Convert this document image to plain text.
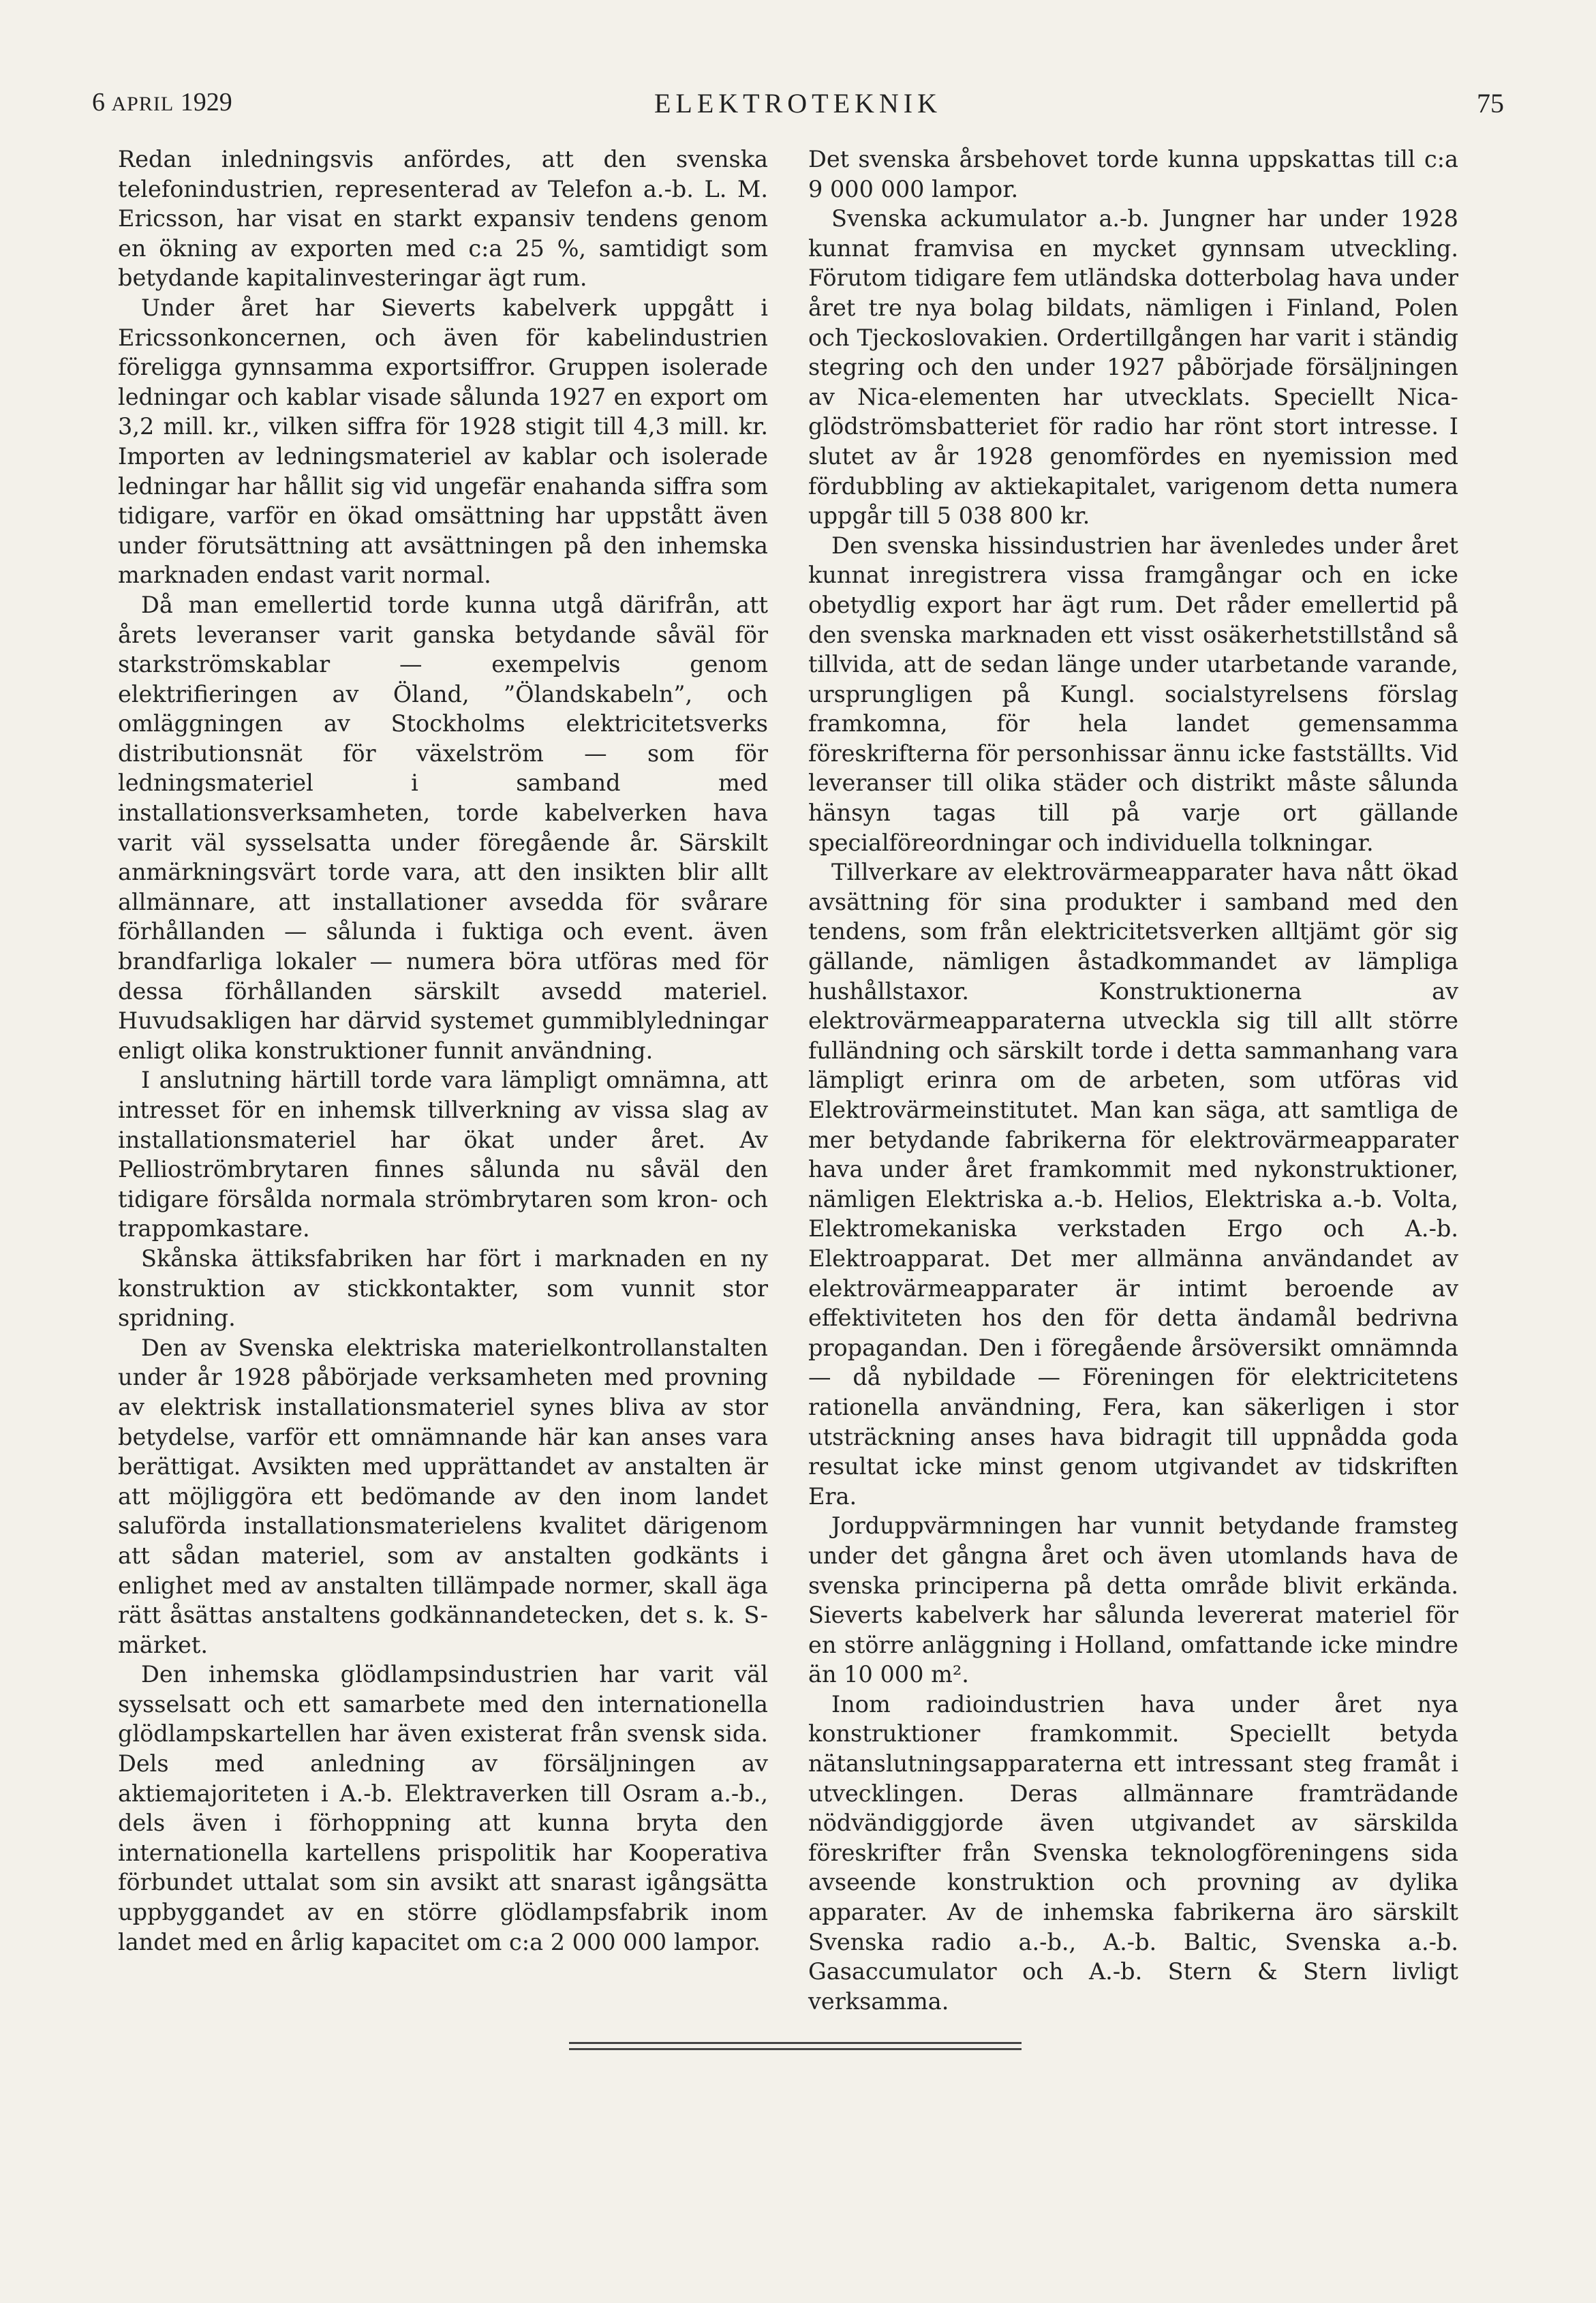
6 APRIL 1929	ELEKTROTEKNIK	75

Redan inledningsvis anfördes, att den svenska telefonindustrien, representerad av Telefon a.-b. L. M. Ericsson, har visat en starkt expansiv tendens genom en ökning av exporten med c:a 25 %, samtidigt som betydande kapitalinvesteringar ägt rum.

Under året har Sieverts kabelverk uppgått i Ericssonkoncernen, och även för kabelindustrien föreligga gynnsamma exportsiffror. Gruppen isolerade ledningar och kablar visade sålunda 1927 en export om 3,2 mill. kr., vilken siffra för 1928 stigit till 4,3 mill. kr. Importen av ledningsmateriel av kablar och isolerade ledningar har hållit sig vid ungefär enahanda siffra som tidigare, varför en ökad omsättning har uppstått även under förutsättning att avsättningen på den inhemska marknaden endast varit normal.

Då man emellertid torde kunna utgå därifrån, att årets leveranser varit ganska betydande såväl för starkströmskablar — exempelvis genom elektrifieringen av Öland, ”Ölandskabeln”, och omläggningen av Stockholms elektricitetsverks distributionsnät för växelström — som för ledningsmateriel i samband med installationsverksamheten, torde kabelverken hava varit väl sysselsatta under föregående år. Särskilt anmärkningsvärt torde vara, att den insikten blir allt allmännare, att installationer avsedda för svårare förhållanden — sålunda i fuktiga och event. även brandfarliga lokaler — numera böra utföras med för dessa förhållanden särskilt avsedd materiel. Huvudsakligen har därvid systemet gummiblyledningar enligt olika konstruktioner funnit användning.

I anslutning härtill torde vara lämpligt omnämna, att intresset för en inhemsk tillverkning av vissa slag av installationsmateriel har ökat under året. Av Pellioströmbrytaren finnes sålunda nu såväl den tidigare försålda normala strömbrytaren som kron- och trappomkastare.

Skånska ättiksfabriken har fört i marknaden en ny konstruktion av stickkontakter, som vunnit stor spridning.

Den av Svenska elektriska materielkontrollanstalten under år 1928 påbörjade verksamheten med provning av elektrisk installationsmateriel synes bliva av stor betydelse, varför ett omnämnande här kan anses vara berättigat. Avsikten med upprättandet av anstalten är att möjliggöra ett bedömande av den inom landet saluförda installationsmaterielens kvalitet därigenom att sådan materiel, som av anstalten godkänts i enlighet med av anstalten tillämpade normer, skall äga rätt åsättas anstaltens godkännandetecken, det s. k. S-märket.

Den inhemska glödlampsindustrien har varit väl sysselsatt och ett samarbete med den internationella glödlampskartellen har även existerat från svensk sida. Dels med anledning av försäljningen av aktiemajoriteten i A.-b. Elektraverken till Osram a.-b., dels även i förhoppning att kunna bryta den internationella kartellens prispolitik har Kooperativa förbundet uttalat som sin avsikt att snarast igångsätta uppbyggandet av en större glödlampsfabrik inom landet med en årlig kapacitet om c:a 2 000 000 lampor.

Det svenska årsbehovet torde kunna uppskattas till c:a 9 000 000 lampor.

Svenska ackumulator a.-b. Jungner har under 1928 kunnat framvisa en mycket gynnsam utveckling. Förutom tidigare fem utländska dotterbolag hava under året tre nya bolag bildats, nämligen i Finland, Polen och Tjeckoslovakien. Ordertillgången har varit i ständig stegring och den under 1927 påbörjade försäljningen av Nica-elementen har utvecklats. Speciellt Nica-glödströmsbatteriet för radio har rönt stort intresse. I slutet av år 1928 genomfördes en nyemission med fördubbling av aktiekapitalet, varigenom detta numera uppgår till 5 038 800 kr.

Den svenska hissindustrien har ävenledes under året kunnat inregistrera vissa framgångar och en icke obetydlig export har ägt rum. Det råder emellertid på den svenska marknaden ett visst osäkerhetstillstånd så tillvida, att de sedan länge under utarbetande varande, ursprungligen på Kungl. socialstyrelsens förslag framkomna, för hela landet gemensamma föreskrifterna för personhissar ännu icke fastställts. Vid leveranser till olika städer och distrikt måste sålunda hänsyn tagas till på varje ort gällande specialföreordningar och individuella tolkningar.

Tillverkare av elektrovärmeapparater hava nått ökad avsättning för sina produkter i samband med den tendens, som från elektricitetsverken alltjämt gör sig gällande, nämligen åstadkommandet av lämpliga hushållstaxor. Konstruktionerna av elektrovärmeapparaterna utveckla sig till allt större fulländning och särskilt torde i detta sammanhang vara lämpligt erinra om de arbeten, som utföras vid Elektrovärmeinstitutet. Man kan säga, att samtliga de mer betydande fabrikerna för elektrovärmeapparater hava under året framkommit med nykonstruktioner, nämligen Elektriska a.-b. Helios, Elektriska a.-b. Volta, Elektromekaniska verkstaden Ergo och A.-b. Elektroapparat. Det mer allmänna användandet av elektrovärmeapparater är intimt beroende av effektiviteten hos den för detta ändamål bedrivna propagandan. Den i föregående årsöversikt omnämnda — då nybildade — Föreningen för elektricitetens rationella användning, Fera, kan säkerligen i stor utsträckning anses hava bidragit till uppnådda goda resultat icke minst genom utgivandet av tidskriften Era.

Jorduppvärmningen har vunnit betydande framsteg under det gångna året och även utomlands hava de svenska principerna på detta område blivit erkända. Sieverts kabelverk har sålunda levererat materiel för en större anläggning i Holland, omfattande icke mindre än 10 000 m².

Inom radioindustrien hava under året nya konstruktioner framkommit. Speciellt betyda nätanslutningsapparaterna ett intressant steg framåt i utvecklingen. Deras allmännare framträdande nödvändiggjorde även utgivandet av särskilda föreskrifter från Svenska teknologföreningens sida avseende konstruktion och provning av dylika apparater. Av de inhemska fabrikerna äro särskilt Svenska radio a.-b., A.-b. Baltic, Svenska a.-b. Gasaccumulator och A.-b. Stern & Stern livligt verksamma.
